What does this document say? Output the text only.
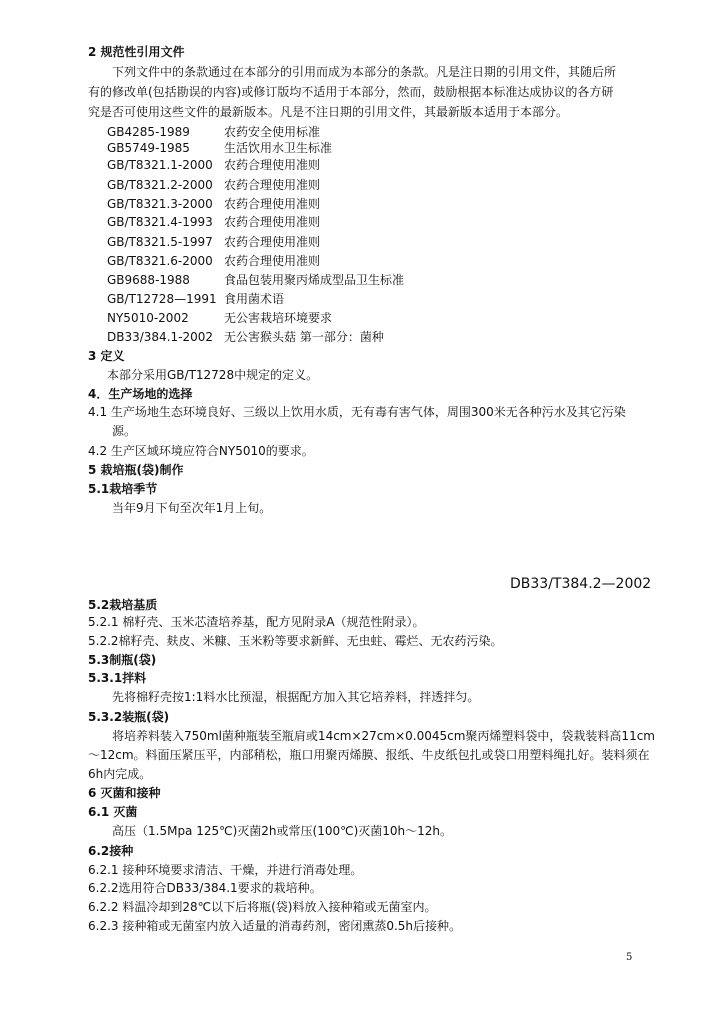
2 规范性引用文件
下列文件中的条款通过在本部分的引用而成为本部分的条款。凡是注日期的引用文件，其随后所
有的修改单(包括勘误的内容)或修订版均不适用于本部分，然而，鼓励根据本标准达成协议的各方研
究是否可使用这些文件的最新版本。凡是不注日期的引用文件，其最新版本适用于本部分。
GB4285-1989	农药安全使用标准
GB5749-1985	生活饮用水卫生标准
GB/T8321.1-2000 农药合理使用准则
GB/T8321.2-2000 农药合理使用准则
GB/T8321.3-2000 农药合理使用准则
GB/T8321.4-1993 农药合理使用准则
GB/T8321.5-1997 农药合理使用准则
GB/T8321.6-2000 农药合理使用准则
GB9688-1988	食品包装用聚丙烯成型品卫生标准
GB/T12728—1991 食用菌术语
NY5010-2002	无公害栽培环境要求
DB33/384.1-2002 无公害猴头菇 第一部分：菌种
3 定义
本部分采用GB/T12728中规定的定义。
4．生产场地的选择
4.1 生产场地生态环境良好、三级以上饮用水质，无有毒有害气体，周围300米无各种污水及其它污染
源。
4.2 生产区域环境应符合NY5010的要求。
5 栽培瓶(袋)制作
5.1栽培季节
当年9月下旬至次年1月上旬。
DB33/T384.2—2002
5.2栽培基质
5.2.1 棉籽壳、玉米芯渣培养基，配方见附录A（规范性附录）。
5.2.2棉籽壳、麸皮、米糠、玉米粉等要求新鲜、无虫蛀、霉烂、无农药污染。
5.3制瓶(袋)
5.3.1拌料
先将棉籽壳按1:1料水比预湿，根据配方加入其它培养料，拌透拌匀。
5.3.2装瓶(袋)
将培养料装入750ml菌种瓶装至瓶肩或14cm×27cm×0.0045cm聚丙烯塑料袋中，袋栽装料高11cm
～12cm。料面压紧压平，内部稍松，瓶口用聚丙烯膜、报纸、牛皮纸包扎或袋口用塑料绳扎好。装料须在
6h内完成。
6 灭菌和接种
6.1 灭菌
高压（1.5Mpa 125℃)灭菌2h或常压(100℃)灭菌10h～12h。
6.2接种
6.2.1 接种环境要求清洁、干燥，并进行消毒处理。
6.2.2选用符合DB33/384.1要求的栽培种。
6.2.2 料温冷却到28℃以下后将瓶(袋)料放入接种箱或无菌室内。
6.2.3 接种箱或无菌室内放入适量的消毒药剂，密闭熏蒸0.5h后接种。
5
